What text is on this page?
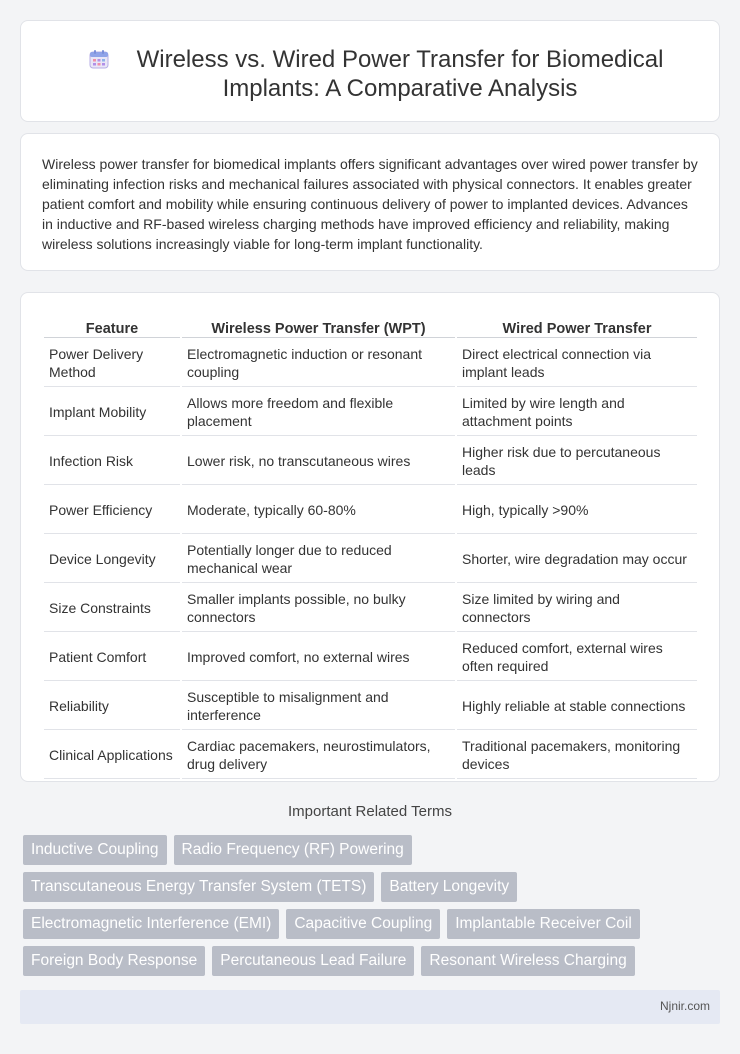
Wireless vs. Wired Power Transfer for Biomedical Implants: A Comparative Analysis

Wireless power transfer for biomedical implants offers significant advantages over wired power transfer by eliminating infection risks and mechanical failures associated with physical connectors. It enables greater patient comfort and mobility while ensuring continuous delivery of power to implanted devices. Advances in inductive and RF-based wireless charging methods have improved efficiency and reliability, making wireless solutions increasingly viable for long-term implant functionality.

Feature	Wireless Power Transfer (WPT)	Wired Power Transfer
Power Delivery Method	Electromagnetic induction or resonant coupling	Direct electrical connection via implant leads
Implant Mobility	Allows more freedom and flexible placement	Limited by wire length and attachment points
Infection Risk	Lower risk, no transcutaneous wires	Higher risk due to percutaneous leads
Power Efficiency	Moderate, typically 60-80%	High, typically >90%
Device Longevity	Potentially longer due to reduced mechanical wear	Shorter, wire degradation may occur
Size Constraints	Smaller implants possible, no bulky connectors	Size limited by wiring and connectors
Patient Comfort	Improved comfort, no external wires	Reduced comfort, external wires often required
Reliability	Susceptible to misalignment and interference	Highly reliable at stable connections
Clinical Applications	Cardiac pacemakers, neurostimulators, drug delivery	Traditional pacemakers, monitoring devices
Important Related Terms
Inductive Coupling	Radio Frequency (RF) Powering
Transcutaneous Energy Transfer System (TETS)	Battery Longevity
Electromagnetic Interference (EMI)	Capacitive Coupling	Implantable Receiver Coil
Foreign Body Response	Percutaneous Lead Failure	Resonant Wireless Charging
Njnir.com
